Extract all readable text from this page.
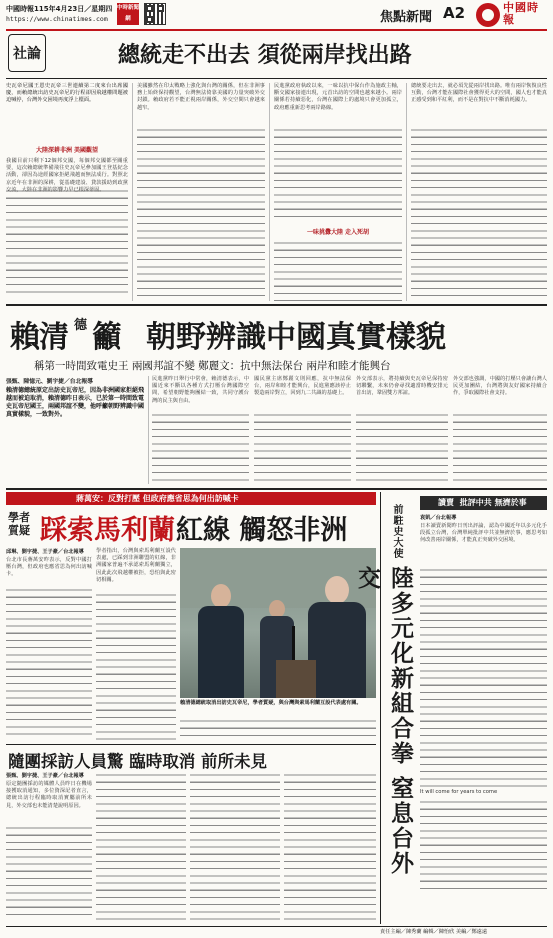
中國時報115年4月23日／星期四
https://www.chinatimes.com
中時新聞網	焦點新聞 A2	中國時報
社論	總統走不出去 須從兩岸找出路
史瓦帝尼國王恩史瓦帝三世連續第二度來台出席國慶，而賴總統出訪史瓦帝尼的行程卻因飛越權問題被迫喊停，台灣外交困境再度浮上檯面。
大陸深耕非洲 美國觀望
我國目前只剩下12個邦交國，每個邦交國都至關重要，這次賴總統準備飛往史瓦帝尼參加國王登基紀念活動，卻因為途經國家拒絕飛越而無法成行。對照北京近年在非洲的深耕，從基礎建設、貸款援助到政黨交流，大陸在非洲的影響力早已根深蒂固。
美國雖然在印太戰略上強化與台灣的關係，但在非洲事務上始終保持觀望，台灣無法倚靠美國的力量突破外交封鎖。賴政府若不能正視兩岸關係，外交空間只會越來越窄。
民進黨政府執政以來，一味以抗中保台作為施政主軸，斷交國家接連出現，元首出訪的空間也越來越小。兩岸關係若持續惡化，台灣在國際上的處境只會更加孤立，政府應重新思考兩岸路線。
一味挑釁大陸 走入死胡
總統要走出去，就必須先從兩岸找出路。唯有兩岸恢復良性互動，台灣才能在國際社會獲得更大的空間，國人也才能真正感受到和平紅利，而不是在對抗中不斷消耗國力。
賴清 德 籲 朝野辨識中國真實樣貌
稱第一時間致電史王 兩國邦誼不變 鄭麗文：抗中無法保台 兩岸和睦才能興台
張甄、陳憶元、劉宇捷／台北報導
賴清德總統原定出訪史瓦帝尼，因為非洲國家拒絕飛越而被迫取消，賴清德昨日表示，已於第一時間致電史瓦帝尼國王，兩國邦誼不變，他呼籲朝野辨識中國真實樣貌，一致對外。
民進黨昨日舉行中常會，賴清德表示，中國近來不斷以各種方式打壓台灣國際空間，希望朝野能夠團結一致，共同守護台灣的民主與自由。
國民黨主席鄭麗文則回應，抗中無法保台，兩岸和睦才能興台，民進黨應該停止製造兩岸對立，回到九二共識的基礎上。
外交部表示，將持續與史瓦帝尼保持密切聯繫，未來仍會尋找適當時機安排元首出訪，鞏固雙方邦誼。
外交部也強調，中國的打壓只會讓台灣人民更加團結，台灣將與友好國家持續合作，爭取國際社會支持。
蔣萬安：反對打壓 但政府應省思為何出訪喊卡
學者質疑 踩索馬利蘭 紅線 觸怒非洲
邱琳、劉宇捷、王子豪／台北報導
台北市長蔣萬安昨表示，反對中國打壓台灣，但政府也應省思為何出訪喊卡。
學者指出，台灣與索馬利蘭互設代表處，已踩到非洲聯盟的紅線，非洲國家普遍不承認索馬利蘭獨立，因此此次飛越權被拒，恐怕與此密切相關。
賴清德總統取消出訪史瓦帝尼，學者質疑，與台灣與索馬利蘭互設代表處有關。
隨團採訪人員驚 臨時取消 前所未見
張甄、劉宇捷、王子豪／台北報導
原定隨團採訪的媒體人員昨日在機場接獲取消通知，多位資深記者直言，總統出訪行程臨時取消實屬前所未見，外交部也未能清楚說明原因。
前駐史大使
陸多元化新組合拳 窒息台外交
讀賣 批評中共 無濟於事
袁凱／台北報導
日本讀賣新聞昨日刊出評論，認為中國近年以多元化手段孤立台灣，台灣單純批評中共並無濟於事，應思考如何改善兩岸關係，才能真正突破外交困境。
It will come for years to come
責任主編／陳秀蘭 編輯／陳怡欣 美編／鄭遠遠
